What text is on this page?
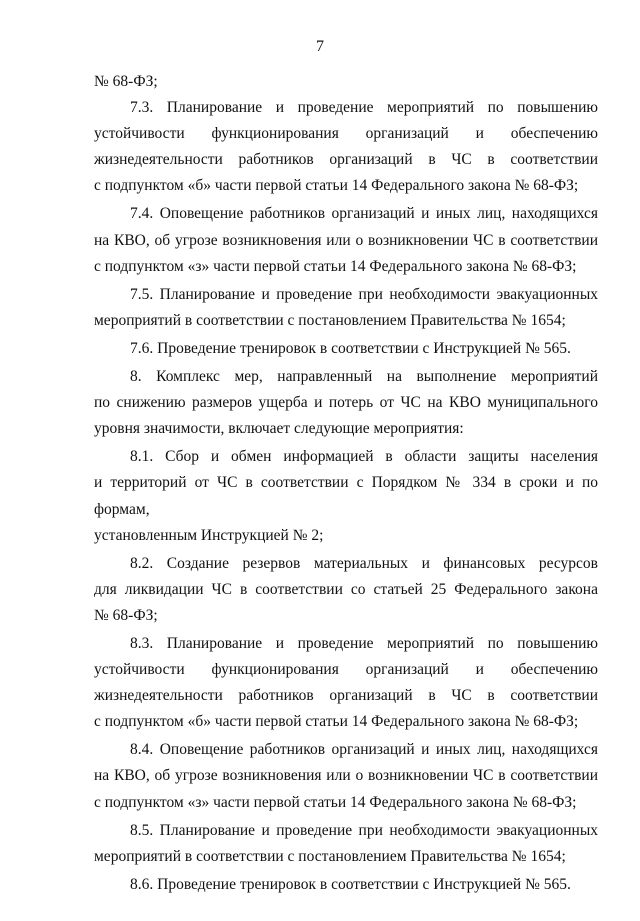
7
№ 68-ФЗ;
7.3. Планирование и проведение мероприятий по повышению
устойчивости функционирования организаций и обеспечению
жизнедеятельности работников организаций в ЧС в соответствии
с подпунктом «б» части первой статьи 14 Федерального закона № 68-ФЗ;
7.4. Оповещение работников организаций и иных лиц, находящихся
на КВО, об угрозе возникновения или о возникновении ЧС в соответствии
с подпунктом «з» части первой статьи 14 Федерального закона № 68-ФЗ;
7.5. Планирование и проведение при необходимости эвакуационных
мероприятий в соответствии с постановлением Правительства № 1654;
7.6. Проведение тренировок в соответствии с Инструкцией № 565.
8. Комплекс мер, направленный на выполнение мероприятий
по снижению размеров ущерба и потерь от ЧС на КВО муниципального
уровня значимости, включает следующие мероприятия:
8.1. Сбор и обмен информацией в области защиты населения
и территорий от ЧС в соответствии с Порядком № 334 в сроки и по формам,
установленным Инструкцией № 2;
8.2. Создание резервов материальных и финансовых ресурсов
для ликвидации ЧС в соответствии со статьей 25 Федерального закона
№ 68-ФЗ;
8.3. Планирование и проведение мероприятий по повышению
устойчивости функционирования организаций и обеспечению
жизнедеятельности работников организаций в ЧС в соответствии
с подпунктом «б» части первой статьи 14 Федерального закона № 68-ФЗ;
8.4. Оповещение работников организаций и иных лиц, находящихся
на КВО, об угрозе возникновения или о возникновении ЧС в соответствии
с подпунктом «з» части первой статьи 14 Федерального закона № 68-ФЗ;
8.5. Планирование и проведение при необходимости эвакуационных
мероприятий в соответствии с постановлением Правительства № 1654;
8.6. Проведение тренировок в соответствии с Инструкцией № 565.
